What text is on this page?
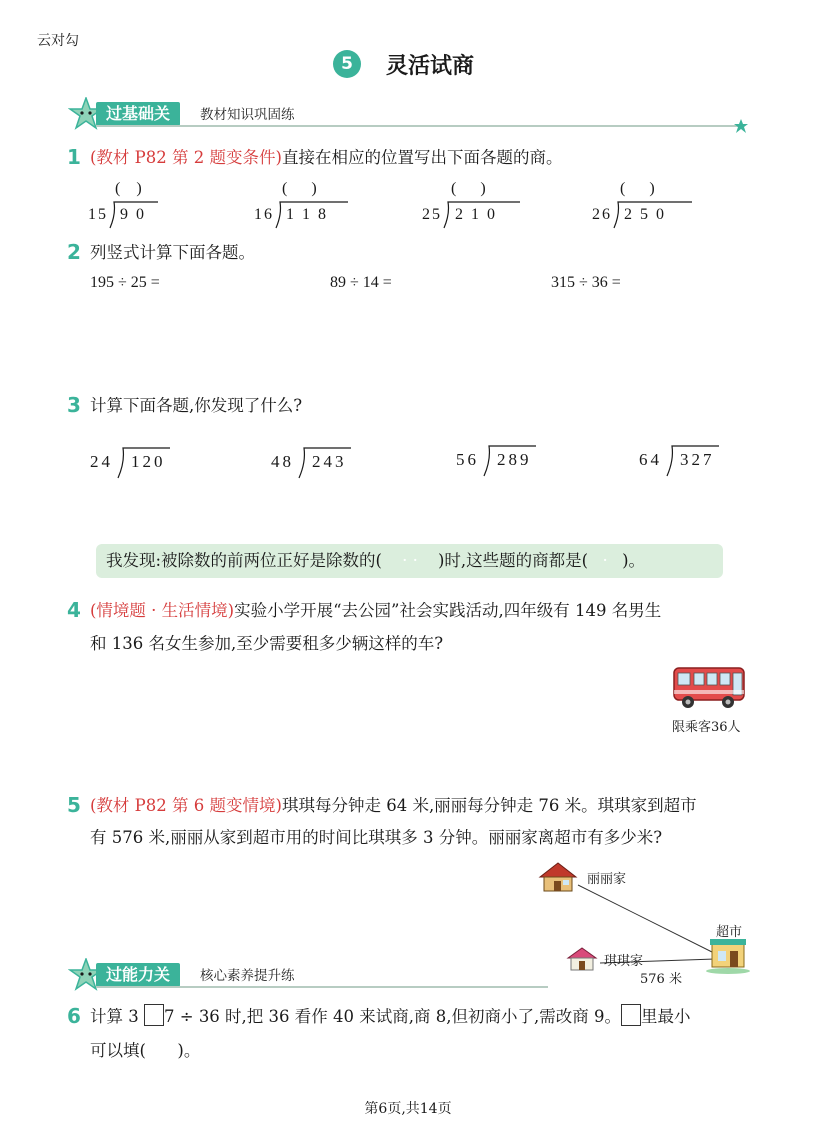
云对勾
5	灵活试商
过基础关	教材知识巩固练
1 (教材 P82 第 2 题变条件)直接在相应的位置写出下面各题的商。
(    )
15 9 0
(      )
16 1 1 8
(      )
25 2 1 0
(      )
26 2 5 0
2 列竖式计算下面各题。
195 ÷ 25 =	89 ÷ 14 =	315 ÷ 36 =
3 计算下面各题,你发现了什么?
24 120	48 243	56 289	64 327
我发现:被除数的前两位正好是除数的( · · )时,这些题的商都是( · )。
4 (情境题 · 生活情境)实验小学开展“去公园”社会实践活动,四年级有 149 名男生
和 136 名女生参加,至少需要租多少辆这样的车?
限乘客36人
5 (教材 P82 第 6 题变情境)琪琪每分钟走 64 米,丽丽每分钟走 76 米。琪琪家到超市
有 576 米,丽丽从家到超市用的时间比琪琪多 3 分钟。丽丽家离超市有多少米?
丽丽家
超市
琪琪家
576 米
过能力关	核心素养提升练
6 计算 3 7 ÷ 36 时,把 36 看作 40 来试商,商 8,但初商小了,需改商 9。 里最小
可以填(      )。
第6页,共14页
